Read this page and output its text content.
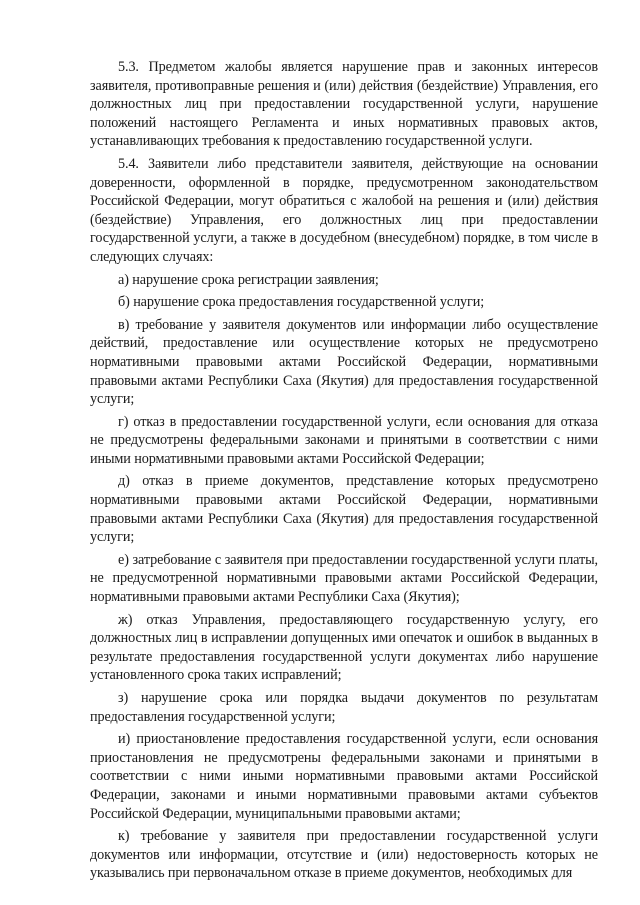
5.3. Предметом жалобы является нарушение прав и законных интересов заявителя, противоправные решения и (или) действия (бездействие) Управления, его должностных лиц при предоставлении государственной услуги, нарушение положений настоящего Регламента и иных нормативных правовых актов, устанавливающих требования к предоставлению государственной услуги.

5.4. Заявители либо представители заявителя, действующие на основании доверенности, оформленной в порядке, предусмотренном законодательством Российской Федерации, могут обратиться с жалобой на решения и (или) действия (бездействие) Управления, его должностных лиц при предоставлении государственной услуги, а также в досудебном (внесудебном) порядке, в том числе в следующих случаях:

а) нарушение срока регистрации заявления;

б) нарушение срока предоставления государственной услуги;

в) требование у заявителя документов или информации либо осуществление действий, предоставление или осуществление которых не предусмотрено нормативными правовыми актами Российской Федерации, нормативными правовыми актами Республики Саха (Якутия) для предоставления государственной услуги;

г) отказ в предоставлении государственной услуги, если основания для отказа не предусмотрены федеральными законами и принятыми в соответствии с ними иными нормативными правовыми актами Российской Федерации;

д) отказ в приеме документов, представление которых предусмотрено нормативными правовыми актами Российской Федерации, нормативными правовыми актами Республики Саха (Якутия) для предоставления государственной услуги;

е) затребование с заявителя при предоставлении государственной услуги платы, не предусмотренной нормативными правовыми актами Российской Федерации, нормативными правовыми актами Республики Саха (Якутия);

ж) отказ Управления, предоставляющего государственную услугу, его должностных лиц в исправлении допущенных ими опечаток и ошибок в выданных в результате предоставления государственной услуги документах либо нарушение установленного срока таких исправлений;

з) нарушение срока или порядка выдачи документов по результатам предоставления государственной услуги;

и) приостановление предоставления государственной услуги, если основания приостановления не предусмотрены федеральными законами и принятыми в соответствии с ними иными нормативными правовыми актами Российской Федерации, законами и иными нормативными правовыми актами субъектов Российской Федерации, муниципальными правовыми актами;

к) требование у заявителя при предоставлении государственной услуги документов или информации, отсутствие и (или) недостоверность которых не указывались при первоначальном отказе в приеме документов, необходимых для
